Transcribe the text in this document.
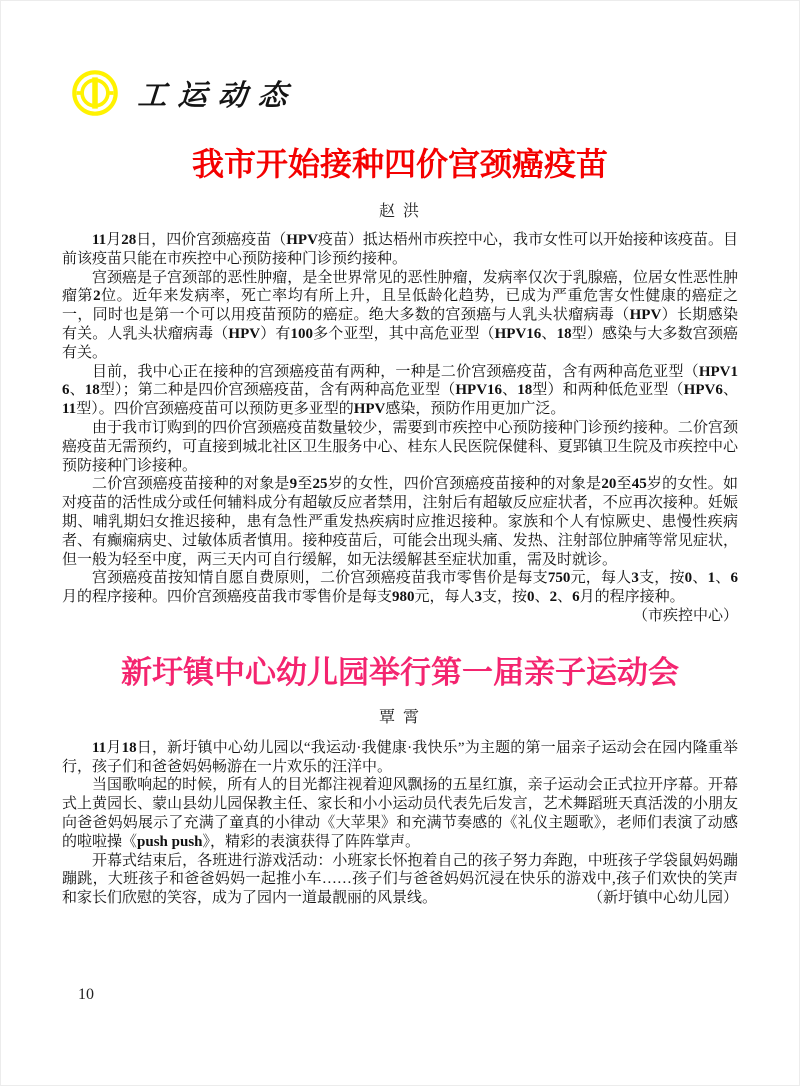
工运动态
我市开始接种四价宫颈癌疫苗
赵 洪

11月28日，四价宫颈癌疫苗（HPV疫苗）抵达梧州市疾控中心，我市女性可以开始接种该疫苗。目前该疫苗只能在市疾控中心预防接种门诊预约接种。

宫颈癌是子宫颈部的恶性肿瘤，是全世界常见的恶性肿瘤，发病率仅次于乳腺癌，位居女性恶性肿瘤第2位。近年来发病率，死亡率均有所上升，且呈低龄化趋势，已成为严重危害女性健康的癌症之一，同时也是第一个可以用疫苗预防的癌症。绝大多数的宫颈癌与人乳头状瘤病毒（HPV）长期感染有关。人乳头状瘤病毒（HPV）有100多个亚型，其中高危亚型（HPV16、18型）感染与大多数宫颈癌有关。

目前，我中心正在接种的宫颈癌疫苗有两种，一种是二价宫颈癌疫苗，含有两种高危亚型（HPV16、18型）；第二种是四价宫颈癌疫苗，含有两种高危亚型（HPV16、18型）和两种低危亚型（HPV6、11型）。四价宫颈癌疫苗可以预防更多亚型的HPV感染，预防作用更加广泛。

由于我市订购到的四价宫颈癌疫苗数量较少，需要到市疾控中心预防接种门诊预约接种。二价宫颈癌疫苗无需预约，可直接到城北社区卫生服务中心、桂东人民医院保健科、夏郢镇卫生院及市疾控中心预防接种门诊接种。

二价宫颈癌疫苗接种的对象是9至25岁的女性，四价宫颈癌疫苗接种的对象是20至45岁的女性。如对疫苗的活性成分或任何辅料成分有超敏反应者禁用，注射后有超敏反应症状者，不应再次接种。妊娠期、哺乳期妇女推迟接种，患有急性严重发热疾病时应推迟接种。家族和个人有惊厥史、患慢性疾病者、有癫痫病史、过敏体质者慎用。接种疫苗后，可能会出现头痛、发热、注射部位肿痛等常见症状，但一般为轻至中度，两三天内可自行缓解，如无法缓解甚至症状加重，需及时就诊。

宫颈癌疫苗按知情自愿自费原则，二价宫颈癌疫苗我市零售价是每支750元，每人3支，按0、1、6月的程序接种。四价宫颈癌疫苗我市零售价是每支980元，每人3支，按0、2、6月的程序接种。

（市疾控中心）

新圩镇中心幼儿园举行第一届亲子运动会
覃 霄

11月18日，新圩镇中心幼儿园以“我运动·我健康·我快乐”为主题的第一届亲子运动会在园内隆重举行，孩子们和爸爸妈妈畅游在一片欢乐的汪洋中。

当国歌响起的时候，所有人的目光都注视着迎风飘扬的五星红旗，亲子运动会正式拉开序幕。开幕式上黄园长、蒙山县幼儿园保教主任、家长和小小运动员代表先后发言，艺术舞蹈班天真活泼的小朋友向爸爸妈妈展示了充满了童真的小律动《大苹果》和充满节奏感的《礼仪主题歌》，老师们表演了动感的啦啦操《push push》，精彩的表演获得了阵阵掌声。

开幕式结束后，各班进行游戏活动：小班家长怀抱着自己的孩子努力奔跑，中班孩子学袋鼠妈妈蹦蹦跳，大班孩子和爸爸妈妈一起推小车……孩子们与爸爸妈妈沉浸在快乐的游戏中,孩子们欢快的笑声和家长们欣慰的笑容，成为了园内一道最靓丽的风景线。	（新圩镇中心幼儿园）

10
